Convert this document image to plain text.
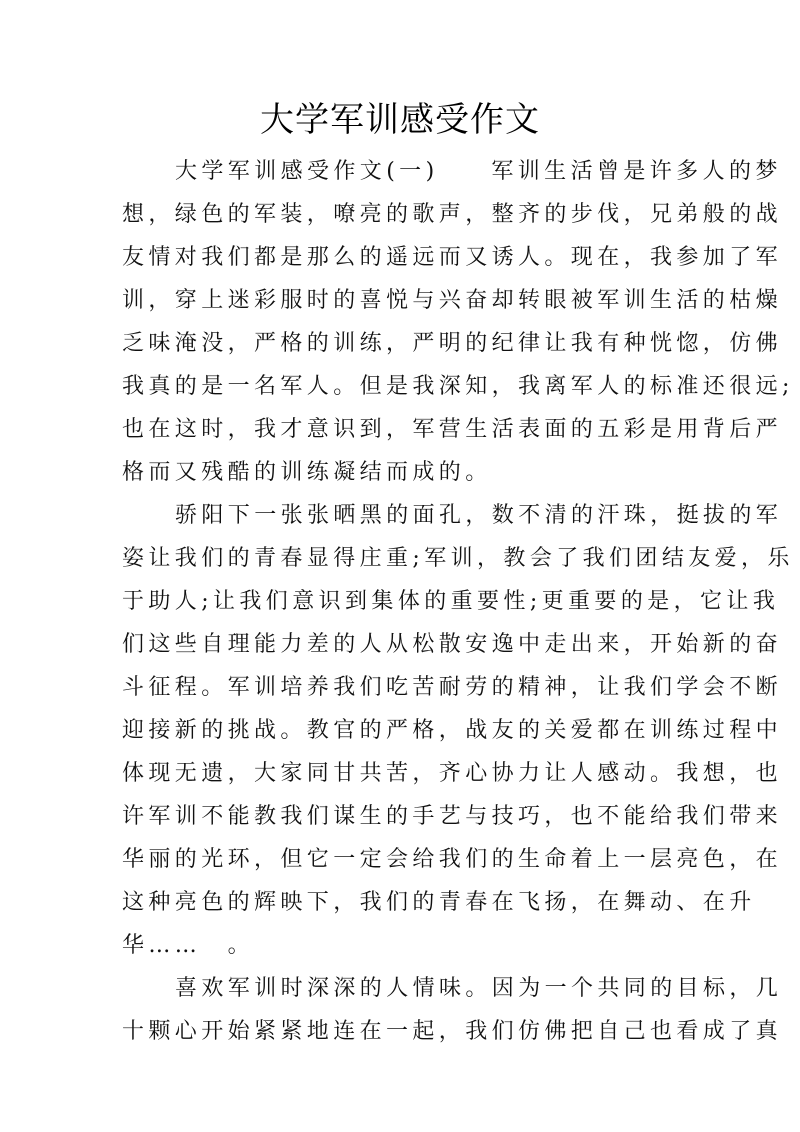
大学军训感受作文

大学军训感受作文(一)　　军训生活曾是许多人的梦
想，绿色的军装，嘹亮的歌声，整齐的步伐，兄弟般的战
友情对我们都是那么的遥远而又诱人。现在，我参加了军
训，穿上迷彩服时的喜悦与兴奋却转眼被军训生活的枯燥
乏味淹没，严格的训练，严明的纪律让我有种恍惚，仿佛
我真的是一名军人。但是我深知，我离军人的标准还很远;
也在这时，我才意识到，军营生活表面的五彩是用背后严
格而又残酷的训练凝结而成的。

骄阳下一张张晒黑的面孔，数不清的汗珠，挺拔的军
姿让我们的青春显得庄重;军训，教会了我们团结友爱，乐
于助人;让我们意识到集体的重要性;更重要的是，它让我
们这些自理能力差的人从松散安逸中走出来，开始新的奋
斗征程。军训培养我们吃苦耐劳的精神，让我们学会不断
迎接新的挑战。教官的严格，战友的关爱都在训练过程中
体现无遗，大家同甘共苦，齐心协力让人感动。我想，也
许军训不能教我们谋生的手艺与技巧，也不能给我们带来
华丽的光环，但它一定会给我们的生命着上一层亮色，在
这种亮色的辉映下，我们的青春在飞扬，在舞动、在升
华……　。

喜欢军训时深深的人情味。因为一个共同的目标，几
十颗心开始紧紧地连在一起，我们仿佛把自己也看成了真
